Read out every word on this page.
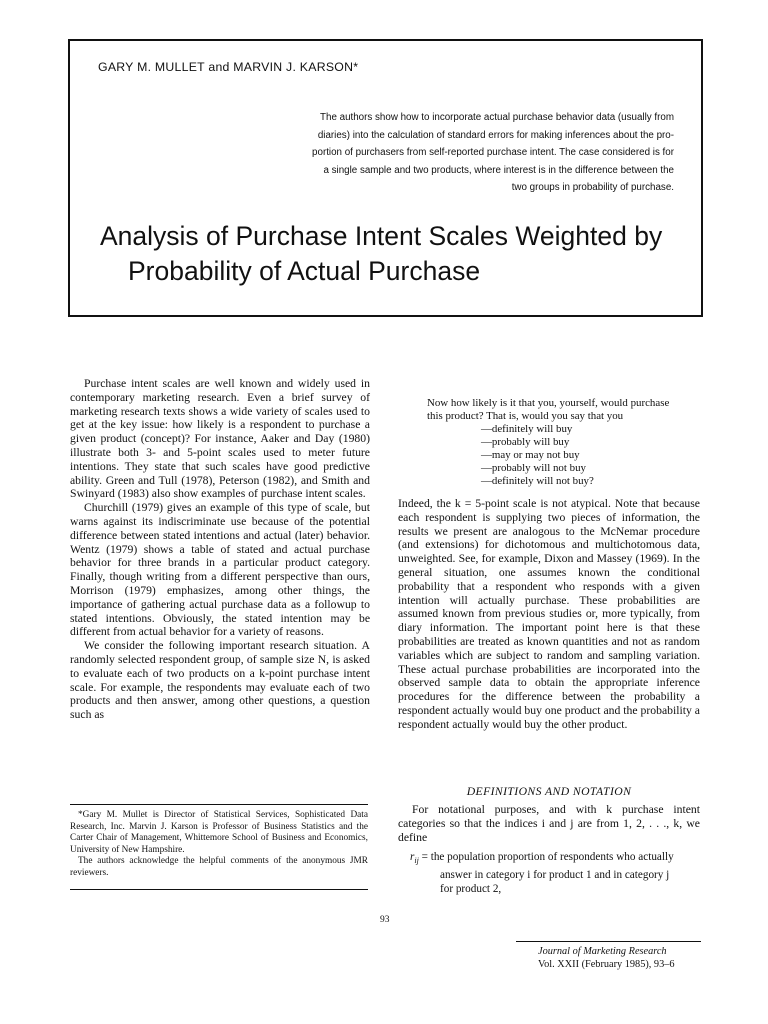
GARY M. MULLET and MARVIN J. KARSON*
The authors show how to incorporate actual purchase behavior data (usually from
diaries) into the calculation of standard errors for making inferences about the pro-
portion of purchasers from self-reported purchase intent. The case considered is for
a single sample and two products, where interest is in the difference between the
two groups in probability of purchase.
Analysis of Purchase Intent Scales Weighted by
Probability of Actual Purchase

Purchase intent scales are well known and widely used in contemporary marketing research. Even a brief survey of marketing research texts shows a wide variety of scales used to get at the key issue: how likely is a respondent to purchase a given product (concept)? For instance, Aaker and Day (1980) illustrate both 3- and 5-point scales used to meter future intentions. They state that such scales have good predictive ability. Green and Tull (1978), Peterson (1982), and Smith and Swinyard (1983) also show examples of purchase intent scales.

Churchill (1979) gives an example of this type of scale, but warns against its indiscriminate use because of the potential difference between stated intentions and actual (later) behavior. Wentz (1979) shows a table of stated and actual purchase behavior for three brands in a particular product category. Finally, though writing from a different perspective than ours, Morrison (1979) emphasizes, among other things, the importance of gathering actual purchase data as a followup to stated intentions. Obviously, the stated intention may be different from actual behavior for a variety of reasons.

We consider the following important research situation. A randomly selected respondent group, of sample size N, is asked to evaluate each of two products on a k-point purchase intent scale. For example, the respondents may evaluate each of two products and then answer, among other questions, a question such as

Now how likely is it that you, yourself, would purchase
this product? That is, would you say that you
—definitely will buy
—probably will buy
—may or may not buy
—probably will not buy
—definitely will not buy?

Indeed, the k = 5-point scale is not atypical. Note that because each respondent is supplying two pieces of information, the results we present are analogous to the McNemar procedure (and extensions) for dichotomous and multichotomous data, unweighted. See, for example, Dixon and Massey (1969). In the general situation, one assumes known the conditional probability that a respondent who responds with a given intention will actually purchase. These probabilities are assumed known from previous studies or, more typically, from diary information. The important point here is that these probabilities are treated as known quantities and not as random variables which are subject to random and sampling variation. These actual purchase probabilities are incorporated into the observed sample data to obtain the appropriate inference procedures for the difference between the probability a respondent actually would buy one product and the probability a respondent actually would buy the other product.

DEFINITIONS AND NOTATION

For notational purposes, and with k purchase intent categories so that the indices i and j are from 1, 2, . . ., k, we define

$r_{ij}$ = the population proportion of respondents who actually
answer in category i for product 1 and in category j
for product 2,

*Gary M. Mullet is Director of Statistical Services, Sophisticated Data Research, Inc. Marvin J. Karson is Professor of Business Statistics and the Carter Chair of Management, Whittemore School of Business and Economics, University of New Hampshire.

The authors acknowledge the helpful comments of the anonymous JMR reviewers.

93
Journal of Marketing Research
Vol. XXII (February 1985), 93–6
